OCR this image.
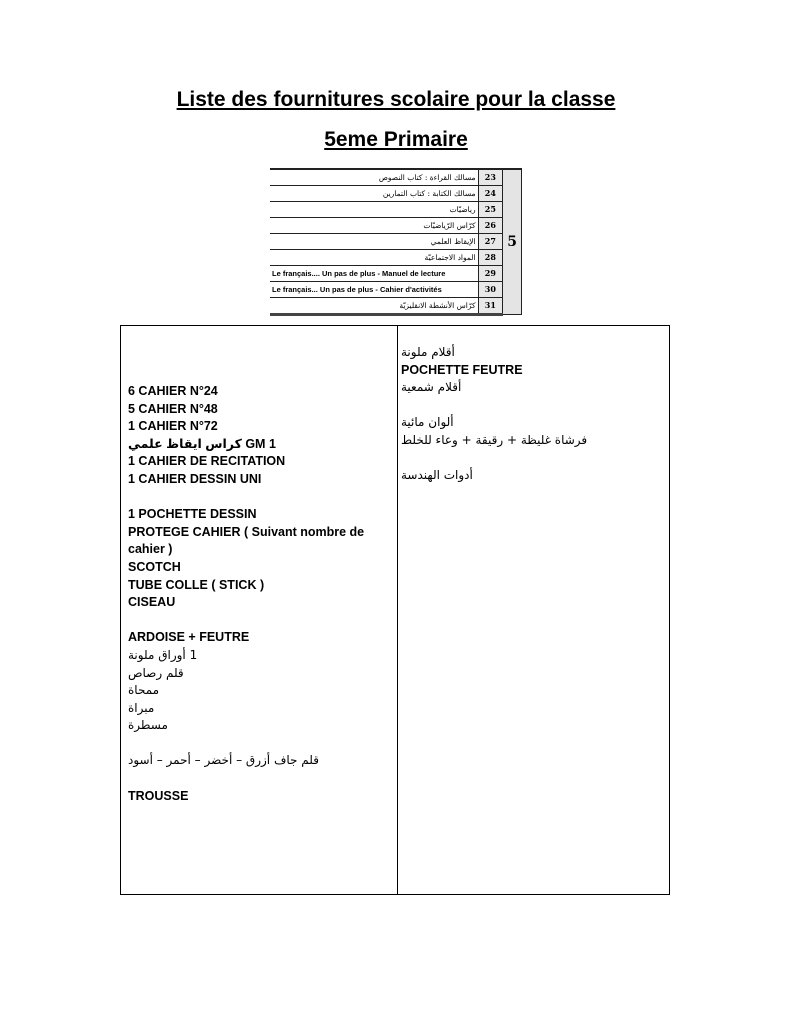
Liste des fournitures scolaire pour la classe
5eme Primaire
مسالك القراءة : كتاب النصوص	23	5
مسالك الكتابة : كتاب التمارين	24	
رياضيّات	25	
كرّاس الرّياضيّات	26	
الإيقاظ العلمي	27	
المواد الاجتماعيّة	28	
Le français.... Un pas de plus - Manuel de lecture	29	
Le français... Un pas de plus - Cahier d'activités	30	
كرّاس الأنشطة الانقليزيّة	31	
6 CAHIER N°24
5 CAHIER N°48
1 CAHIER N°72
1 GM كراس ايقاظ علمي
1 CAHIER DE RECITATION
1 CAHIER DESSIN UNI
1 POCHETTE DESSIN
PROTEGE CAHIER ( Suivant nombre de cahier )
SCOTCH
TUBE COLLE ( STICK )
CISEAU
ARDOISE + FEUTRE
1 أوراق ملونة
قلم رصاص
ممحاة
مبراة
مسطرة
قلم جاف أزرق – أخضر – أحمر – أسود
TROUSSE
أقلام ملونة
POCHETTE FEUTRE
أقلام شمعية
ألوان مائية
فرشاة غليظة + رقيقة + وعاء للخلط
أدوات الهندسة
